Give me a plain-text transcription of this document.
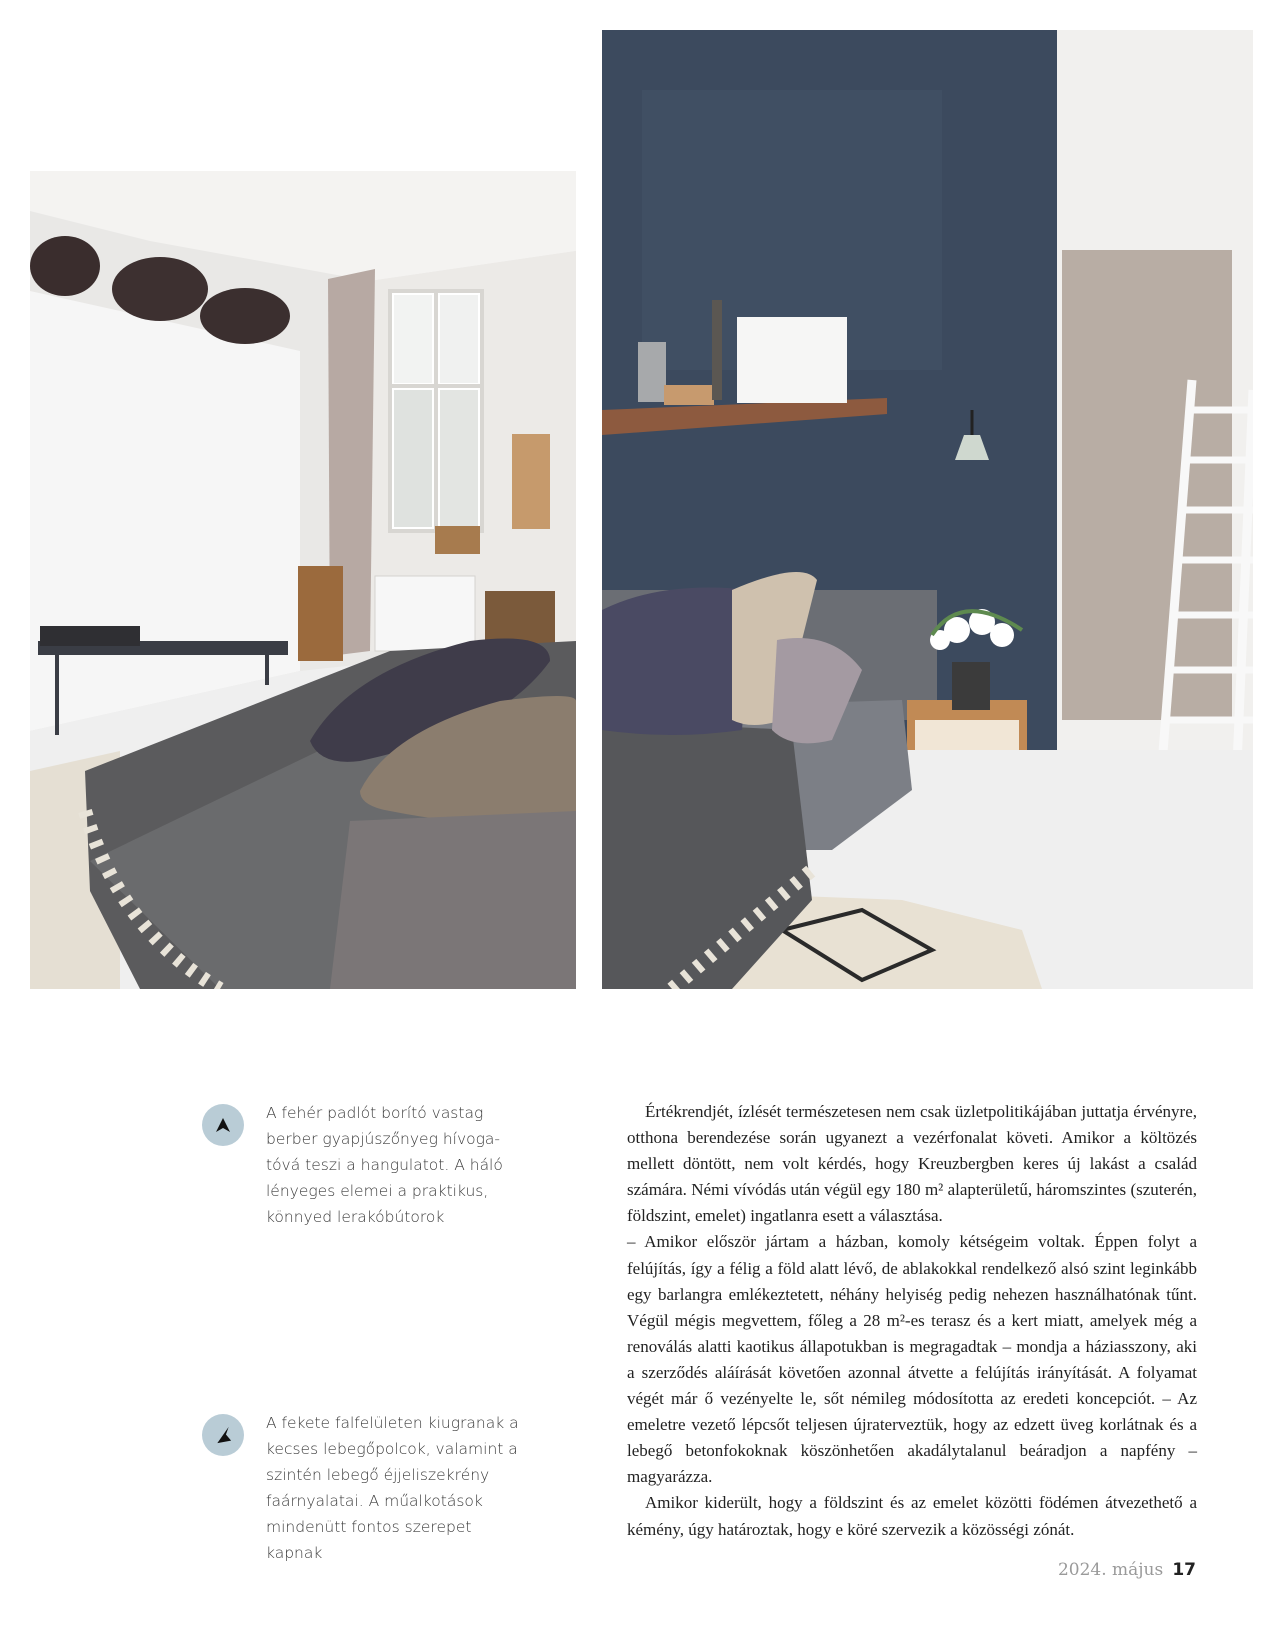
A fehér padlót borító vastag berber gyapjúszőnyeg hívogatóvá teszi a hangulatot. A háló lényeges elemei a praktikus, könnyed lerakóbútorok
A fekete falfelületen kiugranak a kecses lebegőpolcok, valamint a szintén lebegő éjjeliszekrény faárnyalatai. A műalkotások mindenütt fontos szerepet kapnak

Értékrendjét, ízlését természetesen nem csak üzletpolitikájában juttatja érvényre, otthona berendezése során ugyanezt a vezérfonalat követi. Amikor a költözés mellett döntött, nem volt kérdés, hogy Kreuzbergben keres új lakást a család számára. Némi vívódás után végül egy 180 m² alapterületű, háromszintes (szuterén, földszint, emelet) ingatlanra esett a választása.

– Amikor először jártam a házban, komoly kétségeim voltak. Éppen folyt a felújítás, így a félig a föld alatt lévő, de ablakokkal rendelkező alsó szint leginkább egy barlangra emlékeztetett, néhány helyiség pedig nehezen használhatónak tűnt. Végül mégis megvettem, főleg a 28 m²-es terasz és a kert miatt, amelyek még a renoválás alatti kaotikus állapotukban is megragadtak – mondja a háziasszony, aki a szerződés aláírását követően azonnal átvette a felújítás irányítását. A folyamat végét már ő vezényelte le, sőt némileg módosította az eredeti koncepciót. – Az emeletre vezető lépcsőt teljesen újraterveztük, hogy az edzett üveg korlátnak és a lebegő betonfokoknak köszönhetően akadálytalanul beáradjon a napfény – magyarázza.

Amikor kiderült, hogy a földszint és az emelet közötti födémen átvezethető a kémény, úgy határoztak, hogy e köré szervezik a közösségi zónát.

2024. május 17
